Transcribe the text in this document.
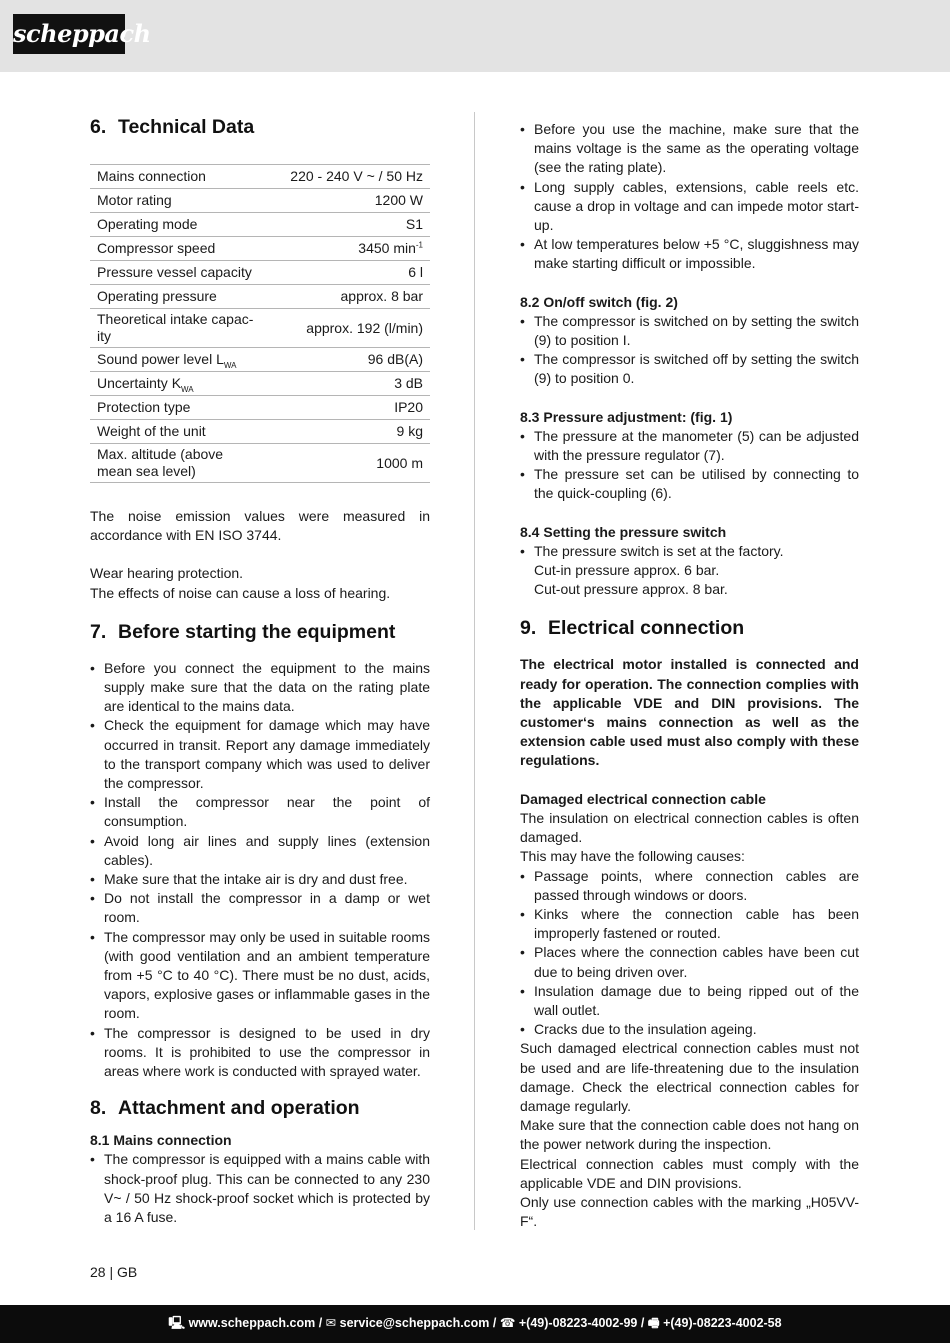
scheppach
6. Technical Data
Mains connection	220 - 240 V ~ / 50 Hz
Motor rating	1200 W
Operating mode	S1
Compressor speed	3450 $\min^{-1}$
Pressure vessel capacity	6 l
Operating pressure	approx. 8 bar
Theoretical intake capac-
ity	approx. 192 (l/min)
Sound power level $L_{WA}$	96 dB(A)
Uncertainty $K_{WA}$	3 dB
Protection type	IP20
Weight of the unit	9 kg
Max. altitude (above
mean sea level)	1000 m

The noise emission values were measured in accordance with EN ISO 3744.

Wear hearing protection.

The effects of noise can cause a loss of hearing.

7. Before starting the equipment
• Before you connect the equipment to the mains supply make sure that the data on the rating plate are identical to the mains data.
• Check the equipment for damage which may have occurred in transit. Report any damage immediately to the transport company which was used to deliver the compressor.
• Install the compressor near the point of consumption.
• Avoid long air lines and supply lines (extension cables).
• Make sure that the intake air is dry and dust free.
• Do not install the compressor in a damp or wet room.
• The compressor may only be used in suitable rooms (with good ventilation and an ambient temperature from +5 °C to 40 °C). There must be no dust, acids, vapors, explosive gases or inflammable gases in the room.
• The compressor is designed to be used in dry rooms. It is prohibited to use the compressor in areas where work is conducted with sprayed water.
8. Attachment and operation
8.1 Mains connection
• The compressor is equipped with a mains cable with shock-proof plug. This can be connected to any 230 V~ / 50 Hz shock-proof socket which is protected by a 16 A fuse.
• Before you use the machine, make sure that the mains voltage is the same as the operating voltage (see the rating plate).
• Long supply cables, extensions, cable reels etc. cause a drop in voltage and can impede motor start-up.
• At low temperatures below +5 °C, sluggishness may make starting difficult or impossible.
8.2 On/off switch (fig. 2)
• The compressor is switched on by setting the switch (9) to position I.
• The compressor is switched off by setting the switch (9) to position 0.
8.3 Pressure adjustment: (fig. 1)
• The pressure at the manometer (5) can be adjusted with the pressure regulator (7).
• The pressure set can be utilised by connecting to the quick-coupling (6).
8.4 Setting the pressure switch
• The pressure switch is set at the factory.

Cut-in pressure approx. 6 bar.

Cut-out pressure approx. 8 bar.

9. Electrical connection

The electrical motor installed is connected and ready for operation. The connection complies with the applicable VDE and DIN provisions. The customer‘s mains connection as well as the extension cable used must also comply with these regulations.

Damaged electrical connection cable

The insulation on electrical connection cables is often damaged.

This may have the following causes:

• Passage points, where connection cables are passed through windows or doors.
• Kinks where the connection cable has been improperly fastened or routed.
• Places where the connection cables have been cut due to being driven over.
• Insulation damage due to being ripped out of the wall outlet.
• Cracks due to the insulation ageing.

Such damaged electrical connection cables must not be used and are life-threatening due to the insulation damage. Check the electrical connection cables for damage regularly.

Make sure that the connection cable does not hang on the power network during the inspection.

Electrical connection cables must comply with the applicable VDE and DIN provisions.

Only use connection cables with the marking „H05VV-F“.

28 | GB
🖳 www.scheppach.com / ✉ service@scheppach.com / ☎ +(49)-08223-4002-99 / 🖷 +(49)-08223-4002-58
